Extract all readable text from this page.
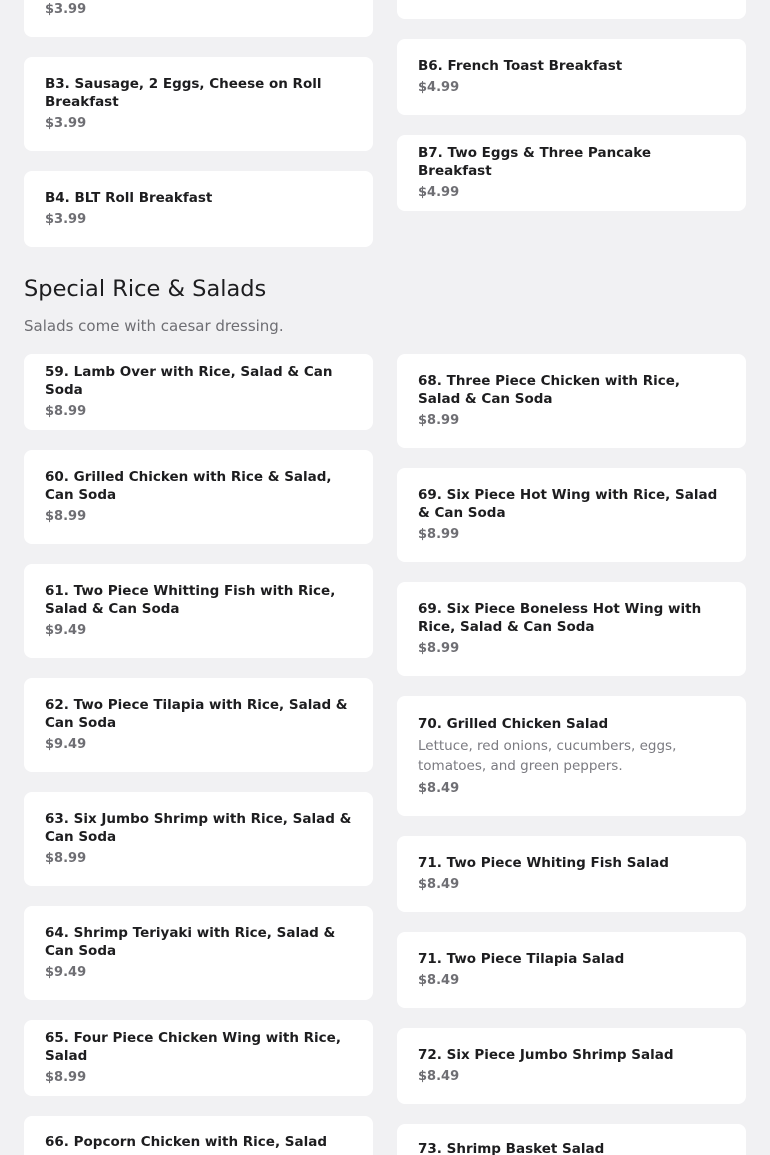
$3.99
B3. Sausage, 2 Eggs, Cheese on Roll Breakfast
$3.99
B4. BLT Roll Breakfast
$3.99
B6. French Toast Breakfast
$4.99
B7. Two Eggs & Three Pancake Breakfast
$4.99
Special Rice & Salads

Salads come with caesar dressing.

59. Lamb Over with Rice, Salad & Can Soda
$8.99
60. Grilled Chicken with Rice & Salad, Can Soda
$8.99
61. Two Piece Whitting Fish with Rice, Salad & Can Soda
$9.49
62. Two Piece Tilapia with Rice, Salad & Can Soda
$9.49
63. Six Jumbo Shrimp with Rice, Salad & Can Soda
$8.99
64. Shrimp Teriyaki with Rice, Salad & Can Soda
$9.49
65. Four Piece Chicken Wing with Rice, Salad
$8.99
66. Popcorn Chicken with Rice, Salad
68. Three Piece Chicken with Rice, Salad & Can Soda
$8.99
69. Six Piece Hot Wing with Rice, Salad & Can Soda
$8.99
69. Six Piece Boneless Hot Wing with Rice, Salad & Can Soda
$8.99
70. Grilled Chicken Salad
Lettuce, red onions, cucumbers, eggs, tomatoes, and green peppers.
$8.49
71. Two Piece Whiting Fish Salad
$8.49
71. Two Piece Tilapia Salad
$8.49
72. Six Piece Jumbo Shrimp Salad
$8.49
73. Shrimp Basket Salad
